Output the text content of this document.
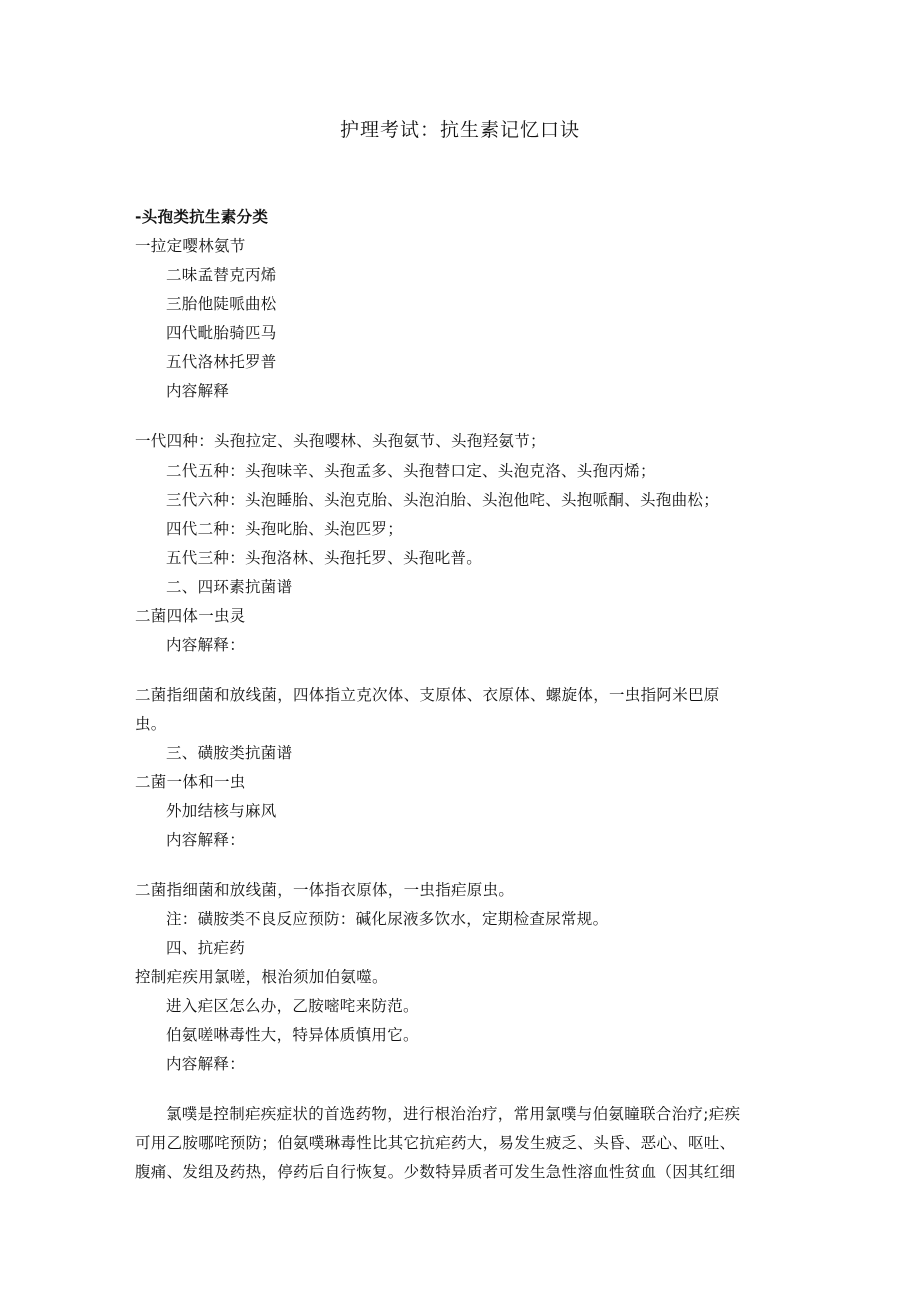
护理考试：抗生素记忆口诀
-头孢类抗生素分类
一拉定嘤林氨节
二味孟替克丙烯
三胎他陡哌曲松
四代毗胎骑匹马
五代洛林托罗普
内容解释
一代四种：头孢拉定、头孢嘤林、头孢氨节、头孢羟氨节；
二代五种：头孢味辛、头孢孟多、头孢替口定、头泡克洛、头孢丙烯；
三代六种：头泡睡胎、头泡克胎、头泡泊胎、头泡他咤、头抱哌酮、头孢曲松；
四代二种：头孢叱胎、头泡匹罗；
五代三种：头孢洛林、头孢托罗、头孢叱普。
二、四环素抗菌谱
二菌四体一虫灵
内容解释：
二菌指细菌和放线菌，四体指立克次体、支原体、衣原体、螺旋体，一虫指阿米巴原
虫。
三、磺胺类抗菌谱
二菌一体和一虫
外加结核与麻风
内容解释：
二菌指细菌和放线菌，一体指衣原体，一虫指疟原虫。
注：磺胺类不良反应预防：碱化尿液多饮水，定期检查尿常规。
四、抗疟药
控制疟疾用氯嗟，根治须加伯氨噬。
进入疟区怎么办，乙胺嘧咤来防范。
伯氨嗟啉毒性大，特异体质慎用它。
内容解释：
氯噗是控制疟疾症状的首选药物，进行根治治疗，常用氯噗与伯氨瞳联合治疗;疟疾
可用乙胺哪咤预防；伯氨噗琳毒性比其它抗疟药大，易发生疲乏、头昏、恶心、呕吐、
腹痛、发组及药热，停药后自行恢复。少数特异质者可发生急性溶血性贫血（因其红细
